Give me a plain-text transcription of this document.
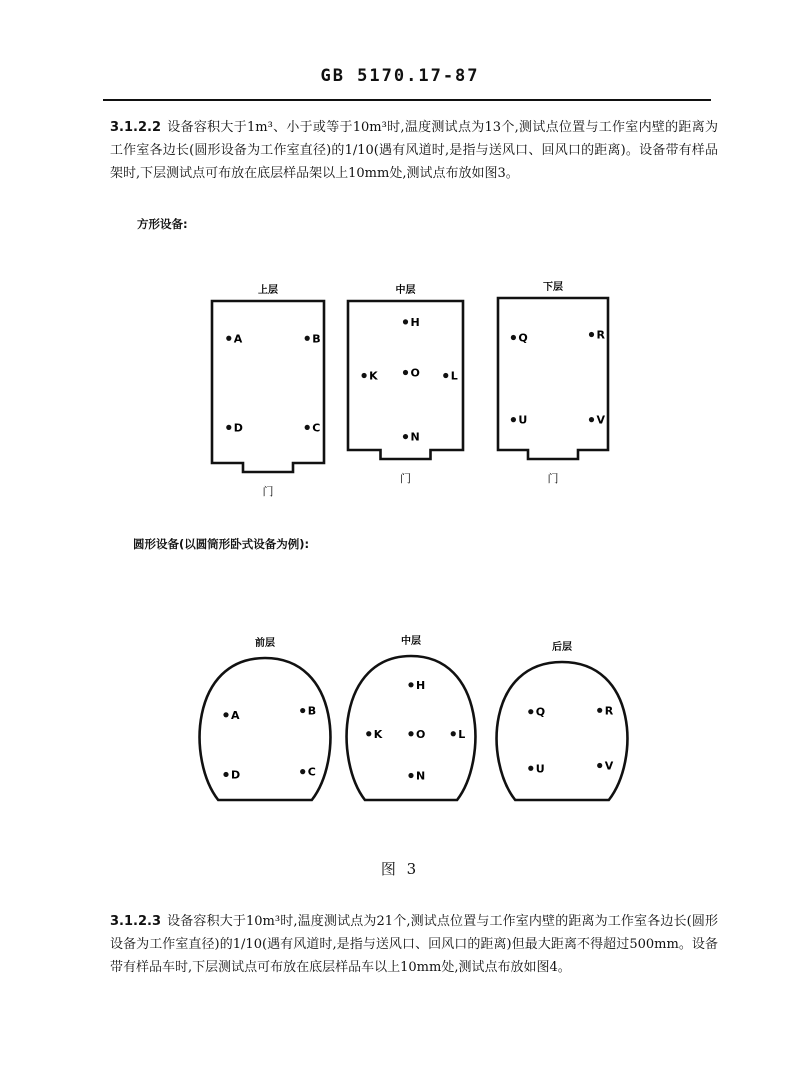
GB 5170.17-87

3.1.2.2 设备容积大于1m³、小于或等于10m³时,温度测试点为13个,测试点位置与工作室内壁的距离为工作室各边长(圆形设备为工作室直径)的1/10(遇有风道时,是指与送风口、回风口的距离)。设备带有样品架时,下层测试点可布放在底层样品架以上10mm处,测试点布放如图3。

方形设备:
上层
门
A	B
D	C
中层
门
H
K	O	L
N
下层
门
Q	R
U	V
圆形设备(以圆筒形卧式设备为例):
前层
A	B
D	C
中层
H
K	O	L
N
后层
Q	R
U	V
图 3

3.1.2.3 设备容积大于10m³时,温度测试点为21个,测试点位置与工作室内壁的距离为工作室各边长(圆形设备为工作室直径)的1/10(遇有风道时,是指与送风口、回风口的距离)但最大距离不得超过500mm。设备带有样品车时,下层测试点可布放在底层样品车以上10mm处,测试点布放如图4。
